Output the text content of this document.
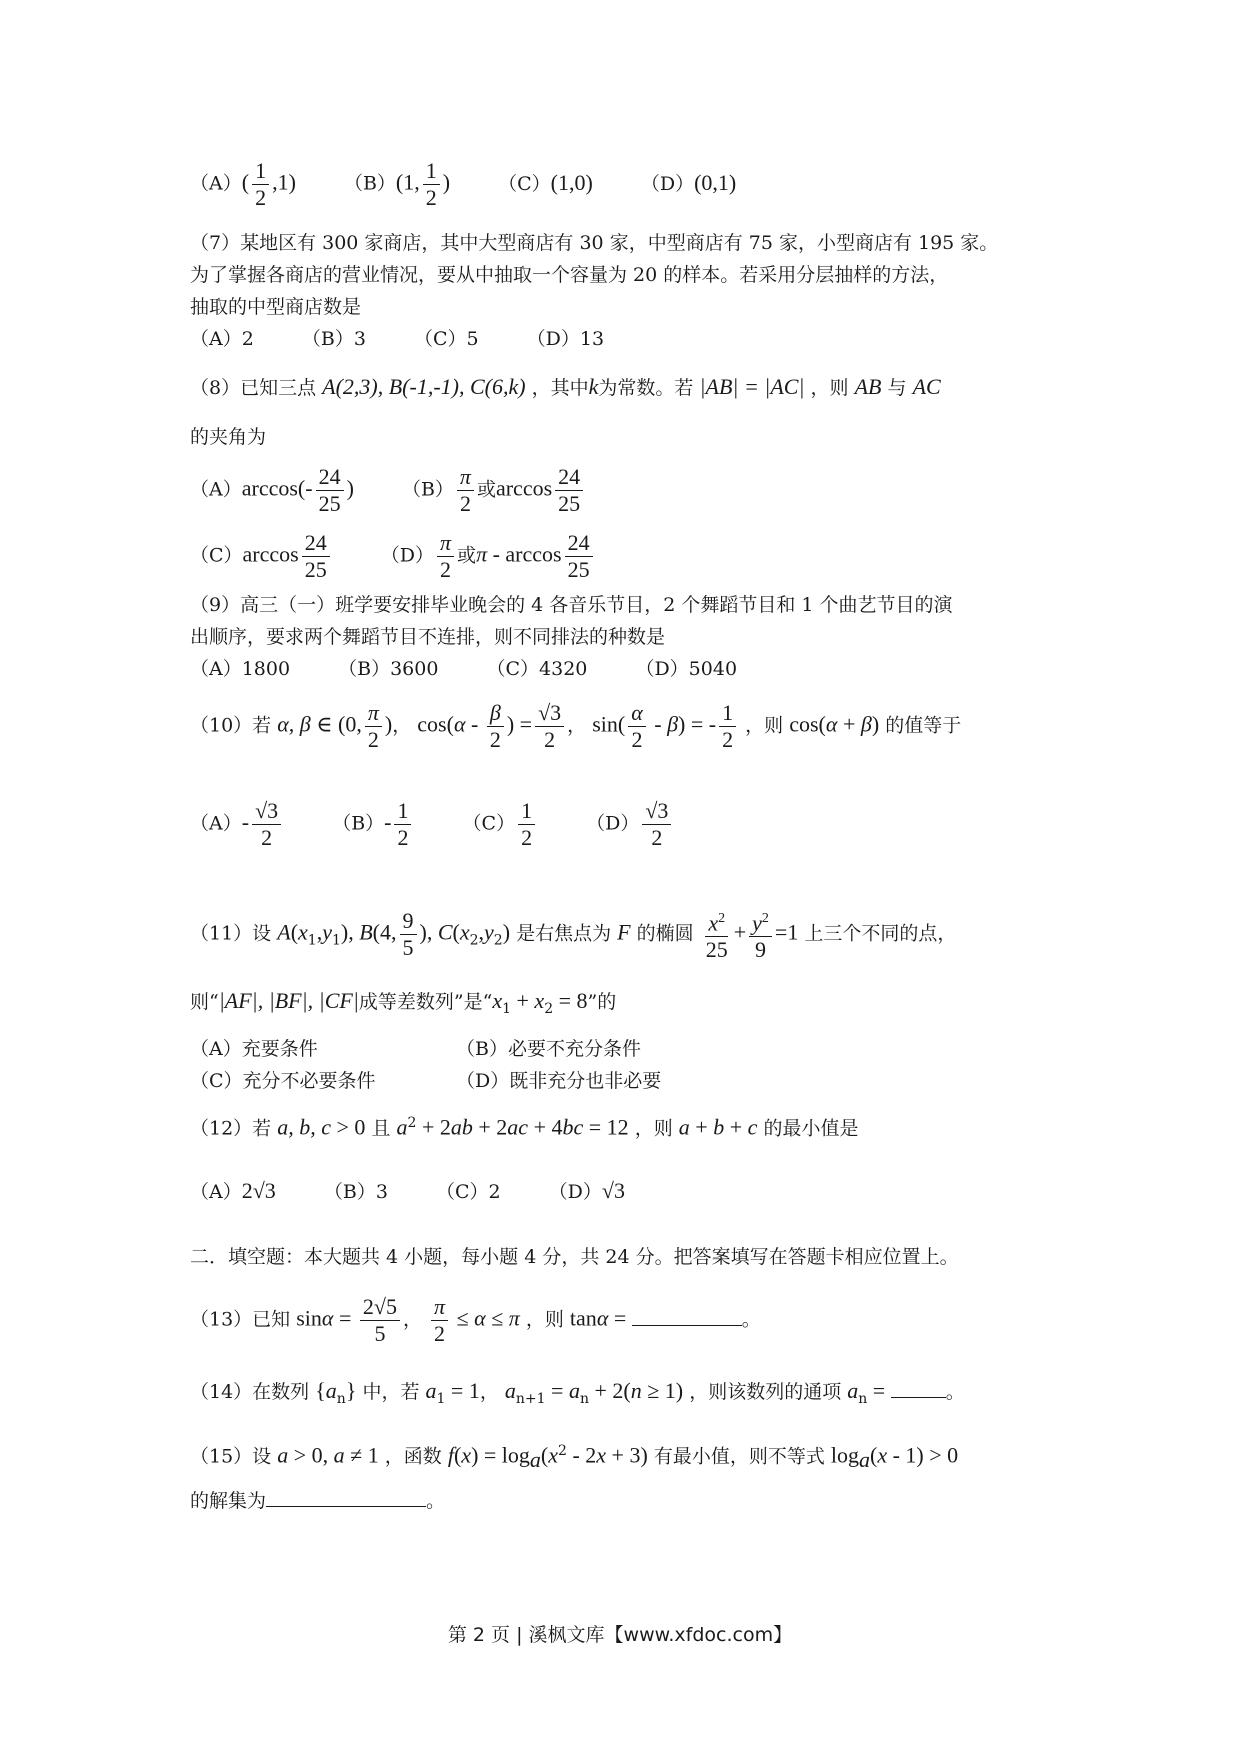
$(A)( \frac{1}{2} ,1)$	（B）(1, $\frac{1}{2}$ )	（C）(1,0)	（D）(0,1)
（7）某地区有 300 家商店，其中大型商店有 30 家，中型商店有 75 家，小型商店有 195 家。
为了掌握各商店的营业情况，要从中抽取一个容量为 20 的样本。若采用分层抽样的方法，
抽取的中型商店数是
（A）2	（B）3	（C）5	（D）13
（8）已知三点 A(2,3), B(-1,-1), C(6,k) ，其中k为常数。若 |AB| = |AC| ，则 AB 与 AC
的夹角为
$(A)\arccos(- \frac{24}{25}$ )	$(B) \frac{\pi}{2}$ 或$\arccos \frac{24}{25}$
$(C)\arccos \frac{24}{25}$	$(D) \frac{\pi}{2}$ 或π - $\arccos \frac{24}{25}$
（9）高三（一）班学要安排毕业晚会的 4 各音乐节目，2 个舞蹈节目和 1 个曲艺节目的演
出顺序，要求两个舞蹈节目不连排，则不同排法的种数是
（A）1800	（B）3600	（C）4320	（D）5040
（10）若 α, β ∈ (0, $\frac{\pi}{2}$ )， $\cos(\alpha - \frac{\beta}{2}$ ) = $\frac{√3}{2}$ ， $\sin( \frac{\alpha}{2} - \beta)$ = - $\frac{1}{2}$ ，则 cos(α + β) 的值等于
$(A)- \frac{√3}{2}$	$(B)- \frac{1}{2}$	$(C) \frac{1}{2}$	$(D) \frac{√3}{2}$
（11）设 $A(x_1,y_1)$, B(4, $\frac{9}{5}$ ), $C(x_2,y_2)$ 是右焦点为 F 的椭圆 $\frac{x^2}{25} + \frac{y^2}{9} =1$ 上三个不同的点，
则“|AF|, |BF|, |CF|成等差数列”是“$x_1 + x_2 = 8$”的
（A）充要条件	（B）必要不充分条件
（C）充分不必要条件	（D）既非充分也非必要
（12）若 a, b, c > 0 且 $a^2 + 2ab + 2ac + 4bc = 12$ ，则 a + b + c 的最小值是
（A）2√3	（B）3	（C）2	（D）√3
二．填空题：本大题共 4 小题，每小题 4 分，共 24 分。把答案填写在答题卡相应位置上。
（13）已知 $\sin\alpha = \frac{2√5}{5}$ ， $\frac{\pi}{2} \le \alpha \le \pi$ ，则 tanα =	。
（14）在数列 $\{a_n\}$ 中，若 $a_1 = 1$， $a_{n+1} = a_n + 2(n \ge 1)$ ，则该数列的通项 $a_n$ =	。
（15）设 a > 0, a ≠ 1 ，函数 $f(x) = \log_a(x^2 - 2x + 3)$ 有最小值，则不等式 $\log_a(x - 1) > 0$
的解集为	。
第 2 页 | 溪枫文库【www.xfdoc.com】
